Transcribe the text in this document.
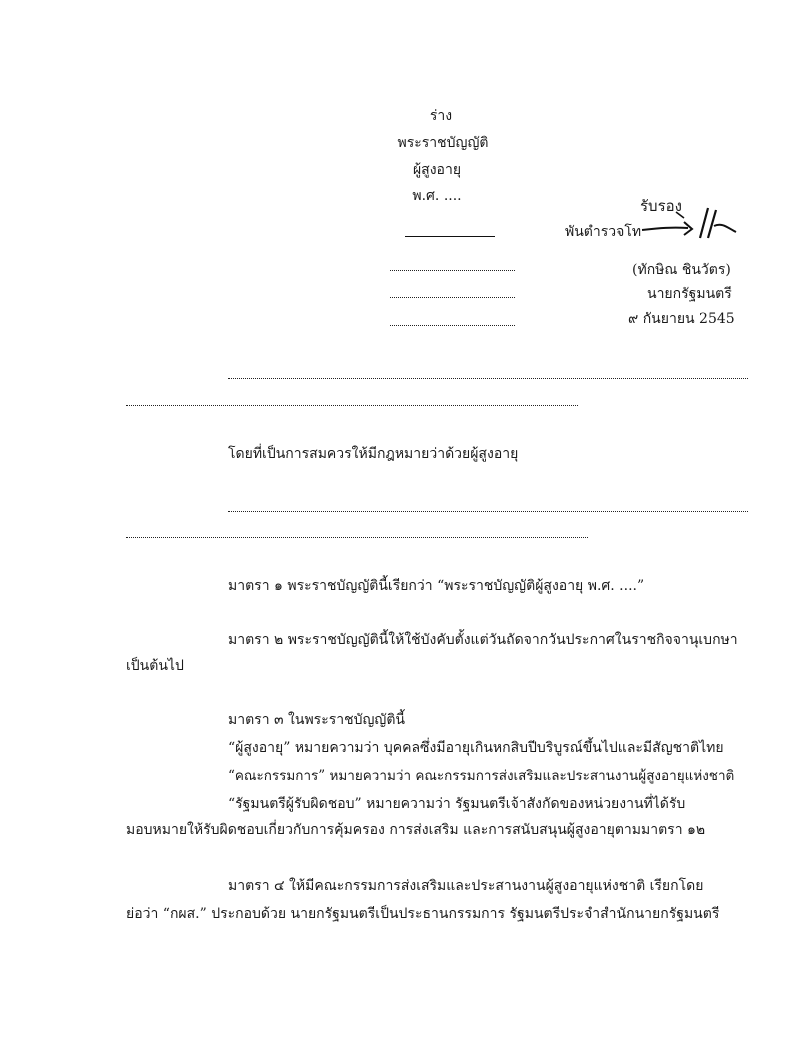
ร่าง
พระราชบัญญัติ
ผู้สูงอายุ
พ.ศ. ....
รับรอง
พันตำรวจโท
(ทักษิณ ชินวัตร)
นายกรัฐมนตรี
๙ กันยายน 2545
โดยที่เป็นการสมควรให้มีกฎหมายว่าด้วยผู้สูงอายุ
มาตรา ๑ พระราชบัญญัตินี้เรียกว่า “พระราชบัญญัติผู้สูงอายุ พ.ศ. ....”
มาตรา ๒ พระราชบัญญัตินี้ให้ใช้บังคับตั้งแต่วันถัดจากวันประกาศในราชกิจจานุเบกษา
เป็นต้นไป
มาตรา ๓ ในพระราชบัญญัตินี้
“ผู้สูงอายุ” หมายความว่า บุคคลซึ่งมีอายุเกินหกสิบปีบริบูรณ์ขึ้นไปและมีสัญชาติไทย
“คณะกรรมการ” หมายความว่า คณะกรรมการส่งเสริมและประสานงานผู้สูงอายุแห่งชาติ
“รัฐมนตรีผู้รับผิดชอบ” หมายความว่า รัฐมนตรีเจ้าสังกัดของหน่วยงานที่ได้รับ
มอบหมายให้รับผิดชอบเกี่ยวกับการคุ้มครอง การส่งเสริม และการสนับสนุนผู้สูงอายุตามมาตรา ๑๒
มาตรา ๔ ให้มีคณะกรรมการส่งเสริมและประสานงานผู้สูงอายุแห่งชาติ เรียกโดย
ย่อว่า “กผส.” ประกอบด้วย นายกรัฐมนตรีเป็นประธานกรรมการ รัฐมนตรีประจำสำนักนายกรัฐมนตรี
